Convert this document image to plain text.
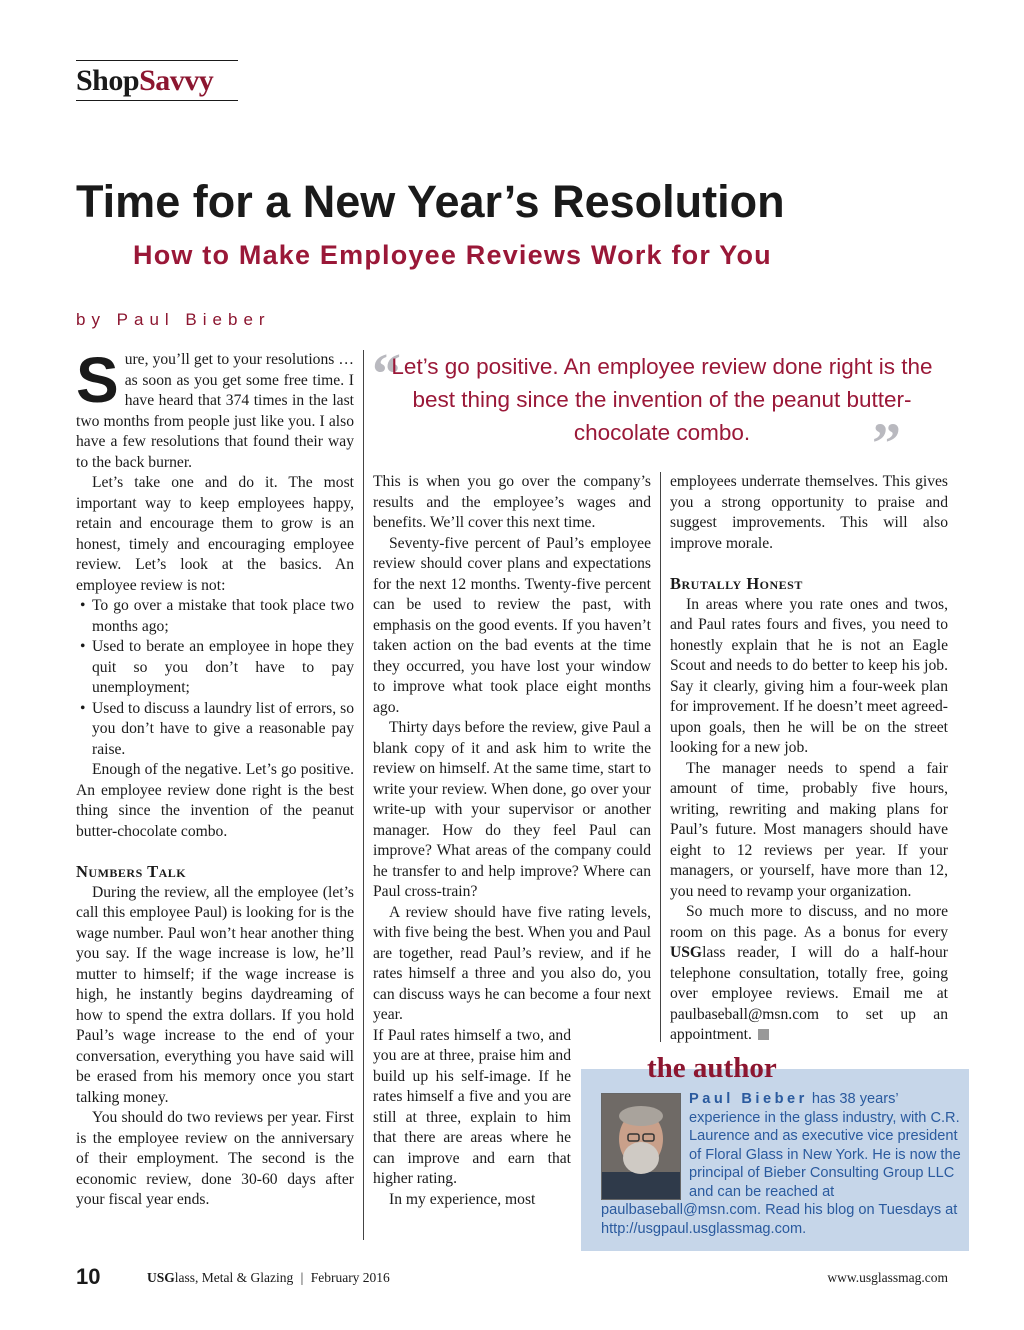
ShopSavvy
Time for a New Year’s Resolution
How to Make Employee Reviews Work for You
by Paul Bieber

Sure, you’ll get to your resolutions … as soon as you get some free time. I have heard that 374 times in the last two months from people just like you. I also have a few resolutions that found their way to the back burner.

Let’s take one and do it. The most important way to keep employees happy, retain and encourage them to grow is an honest, timely and encouraging employee review. Let’s look at the basics. An employee review is not:

• To go over a mistake that took place two months ago;
• Used to berate an employee in hope they quit so you don’t have to pay unemployment;
• Used to discuss a laundry list of errors, so you don’t have to give a reasonable pay raise.

Enough of the negative. Let’s go positive. An employee review done right is the best thing since the invention of the peanut butter-chocolate combo.

Numbers Talk

During the review, all the employee (let’s call this employee Paul) is looking for is the wage number. Paul won’t hear another thing you say. If the wage increase is low, he’ll mutter to himself; if the wage increase is high, he instantly begins daydreaming of how to spend the extra dollars. If you hold Paul’s wage increase to the end of your conversation, everything you have said will be erased from his memory once you start talking money.

You should do two reviews per year. First is the employee review on the anniversary of their employment. The second is the economic review, done 30-60 days after your fiscal year ends.

“
Let’s go positive. An employee review done right is the best thing since the invention of the peanut butter-chocolate combo.	”

This is when you go over the company’s results and the employee’s wages and benefits. We’ll cover this next time.

Seventy-five percent of Paul’s employee review should cover plans and expectations for the next 12 months. Twenty-five percent can be used to review the past, with emphasis on the good events. If you haven’t taken action on the bad events at the time they occurred, you have lost your window to improve what took place eight months ago.

Thirty days before the review, give Paul a blank copy of it and ask him to write the review on himself. At the same time, start to write your review. When done, go over your write-up with your supervisor or another manager. How do they feel Paul can improve? What areas of the company could he transfer to and help improve? Where can Paul cross-train?

A review should have five rating levels, with five being the best. When you and Paul are together, read Paul’s review, and if he rates himself a three and you also do, you can discuss ways he can become a four next year.

If Paul rates himself a two, and you are at three, praise him and build up his self-image. If he rates himself a five and you are still at three, explain to him that there are areas where he can improve and earn that higher rating.

In my experience, most

employees underrate themselves. This gives you a strong opportunity to praise and suggest improvements. This will also improve morale.

Brutally Honest

In areas where you rate ones and twos, and Paul rates fours and fives, you need to honestly explain that he is not an Eagle Scout and needs to do better to keep his job. Say it clearly, giving him a four-week plan for improvement. If he doesn’t meet agreed-upon goals, then he will be on the street looking for a new job.

The manager needs to spend a fair amount of time, probably five hours, writing, rewriting and making plans for Paul’s future. Most managers should have eight to 12 reviews per year. If your managers, or yourself, have more than 12, you need to revamp your organization.

So much more to discuss, and no more room on this page. As a bonus for every USGlass reader, I will do a half-hour telephone consultation, totally free, going over employee reviews. Email me at paulbaseball@msn.com to set up an appointment.

the author
Paul Bieber has 38 years’ experience in the glass industry, with C.R. Laurence and as executive vice president of Floral Glass in New York. He is now the principal of Bieber Consulting Group LLC and can be reached at paulbaseball@msn.com. Read his blog on Tuesdays at http://usgpaul.usglassmag.com.
10	USGlass, Metal & Glazing | February 2016	www.usglassmag.com
